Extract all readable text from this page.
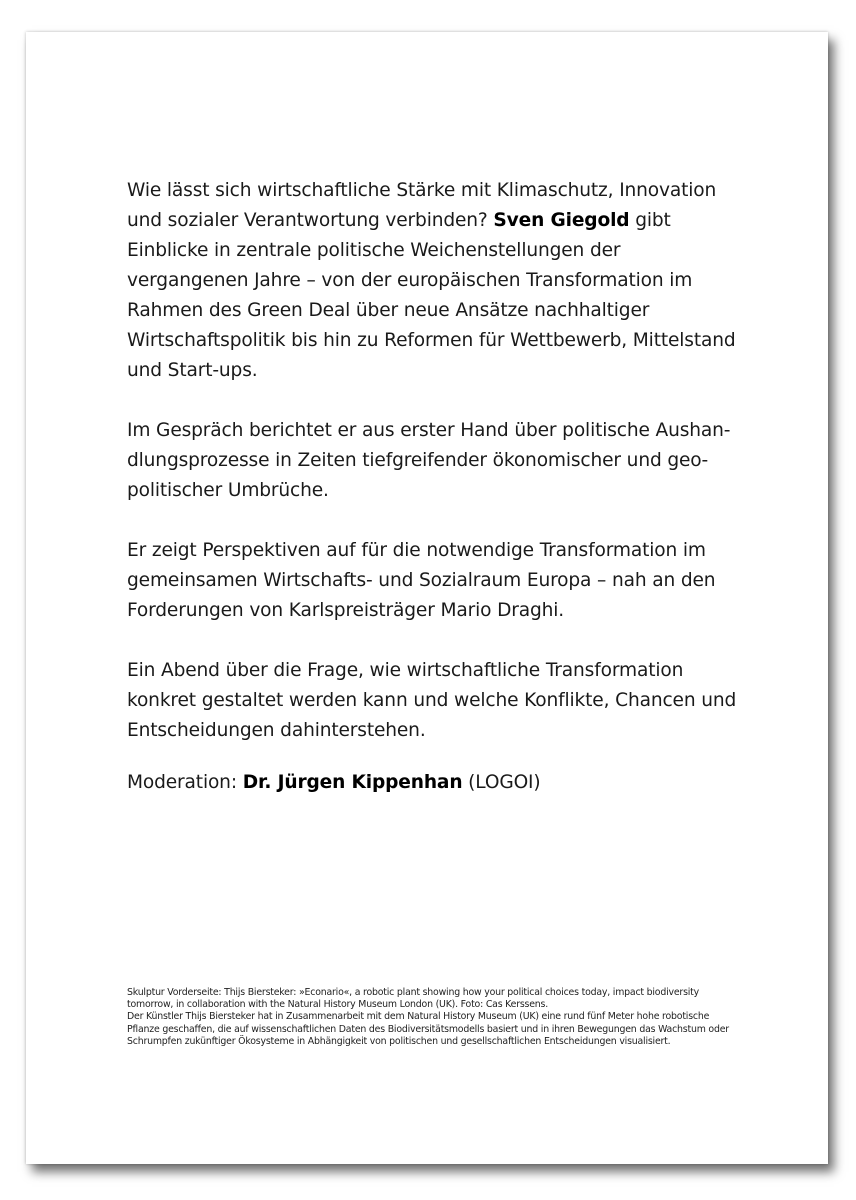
Wie lässt sich wirtschaftliche Stärke mit Klimaschutz, Innovation und sozialer Verantwortung verbinden? Sven Giegold gibt Einblicke in zentrale politische Weichenstellungen der vergangenen Jahre – von der europäischen Transformation im Rahmen des Green Deal über neue Ansätze nachhaltiger Wirtschaftspolitik bis hin zu Reformen für Wettbewerb, Mittelstand und Start-ups.

Im Gespräch berichtet er aus erster Hand über politische Aushandlungsprozesse in Zeiten tiefgreifender ökonomischer und geopolitischer Umbrüche.

Er zeigt Perspektiven auf für die notwendige Transformation im gemeinsamen Wirtschafts- und Sozialraum Europa – nah an den Forderungen von Karlspreisträger Mario Draghi.

Ein Abend über die Frage, wie wirtschaftliche Transformation konkret gestaltet werden kann und welche Konflikte, Chancen und Entscheidungen dahinterstehen.

Moderation: Dr. Jürgen Kippenhan (LOGOI)

Skulptur Vorderseite: Thijs Biersteker: »Econario«, a robotic plant showing how your political choices today, impact biodiversity tomorrow, in collaboration with the Natural History Museum London (UK). Foto: Cas Kerssens.

Der Künstler Thijs Biersteker hat in Zusammenarbeit mit dem Natural History Museum (UK) eine rund fünf Meter hohe robotische Pflanze geschaffen, die auf wissenschaftlichen Daten des Biodiversitätsmodells basiert und in ihren Bewegungen das Wachstum oder Schrumpfen zukünftiger Ökosysteme in Abhängigkeit von politischen und gesellschaftlichen Entscheidungen visualisiert.
